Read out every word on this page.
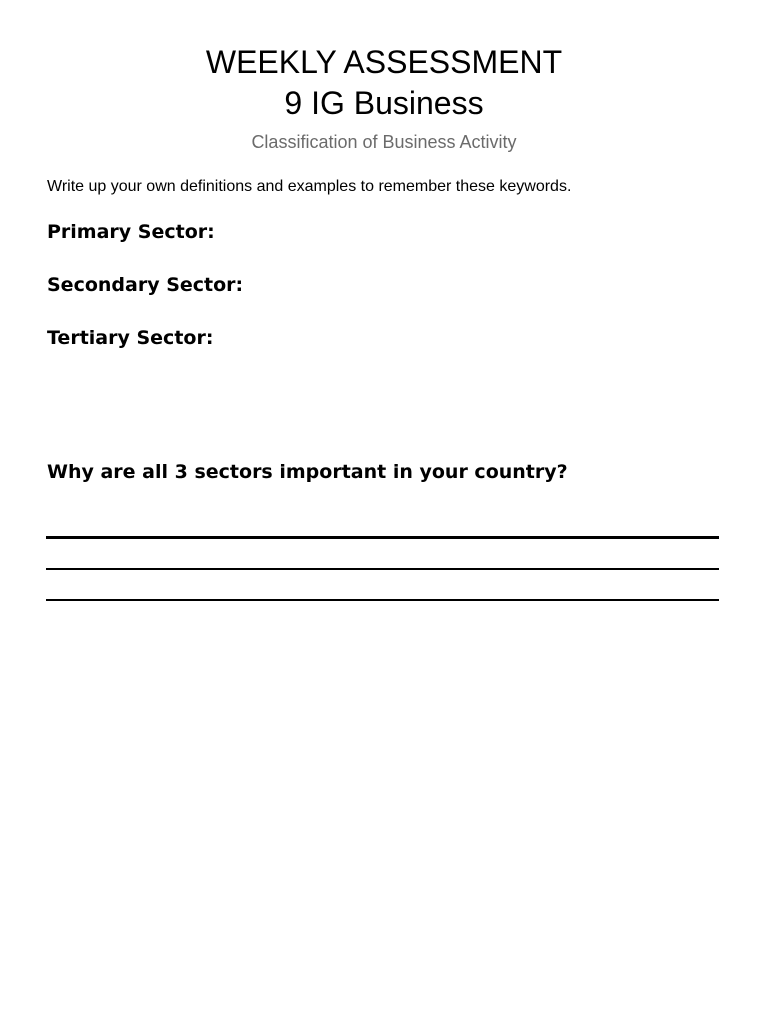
WEEKLY ASSESSMENT
9 IG Business
Classification of Business Activity
Write up your own definitions and examples to remember these keywords.
Primary Sector:
Secondary Sector:
Tertiary Sector:
Why are all 3 sectors important in your country?
